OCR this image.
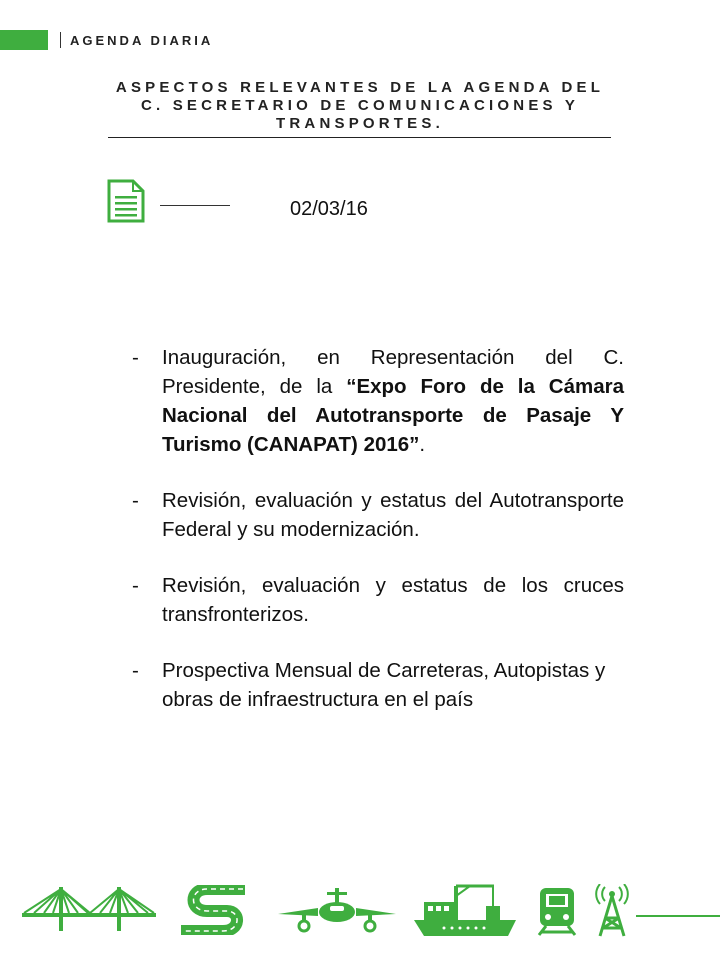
AGENDA DIARIA
ASPECTOS RELEVANTES DE LA AGENDA DEL
C. SECRETARIO DE COMUNICACIONES Y
TRANSPORTES.
02/03/16
-	Inauguración, en Representación del C. Presidente, de la “Expo Foro de la Cámara Nacional del Autotransporte de Pasaje Y Turismo (CANAPAT) 2016”.
-	Revisión, evaluación y estatus del Autotransporte Federal y su modernización.
-	Revisión, evaluación y estatus de los cruces transfronterizos.
-	Prospectiva Mensual de Carreteras, Autopistas y obras de infraestructura en el país
